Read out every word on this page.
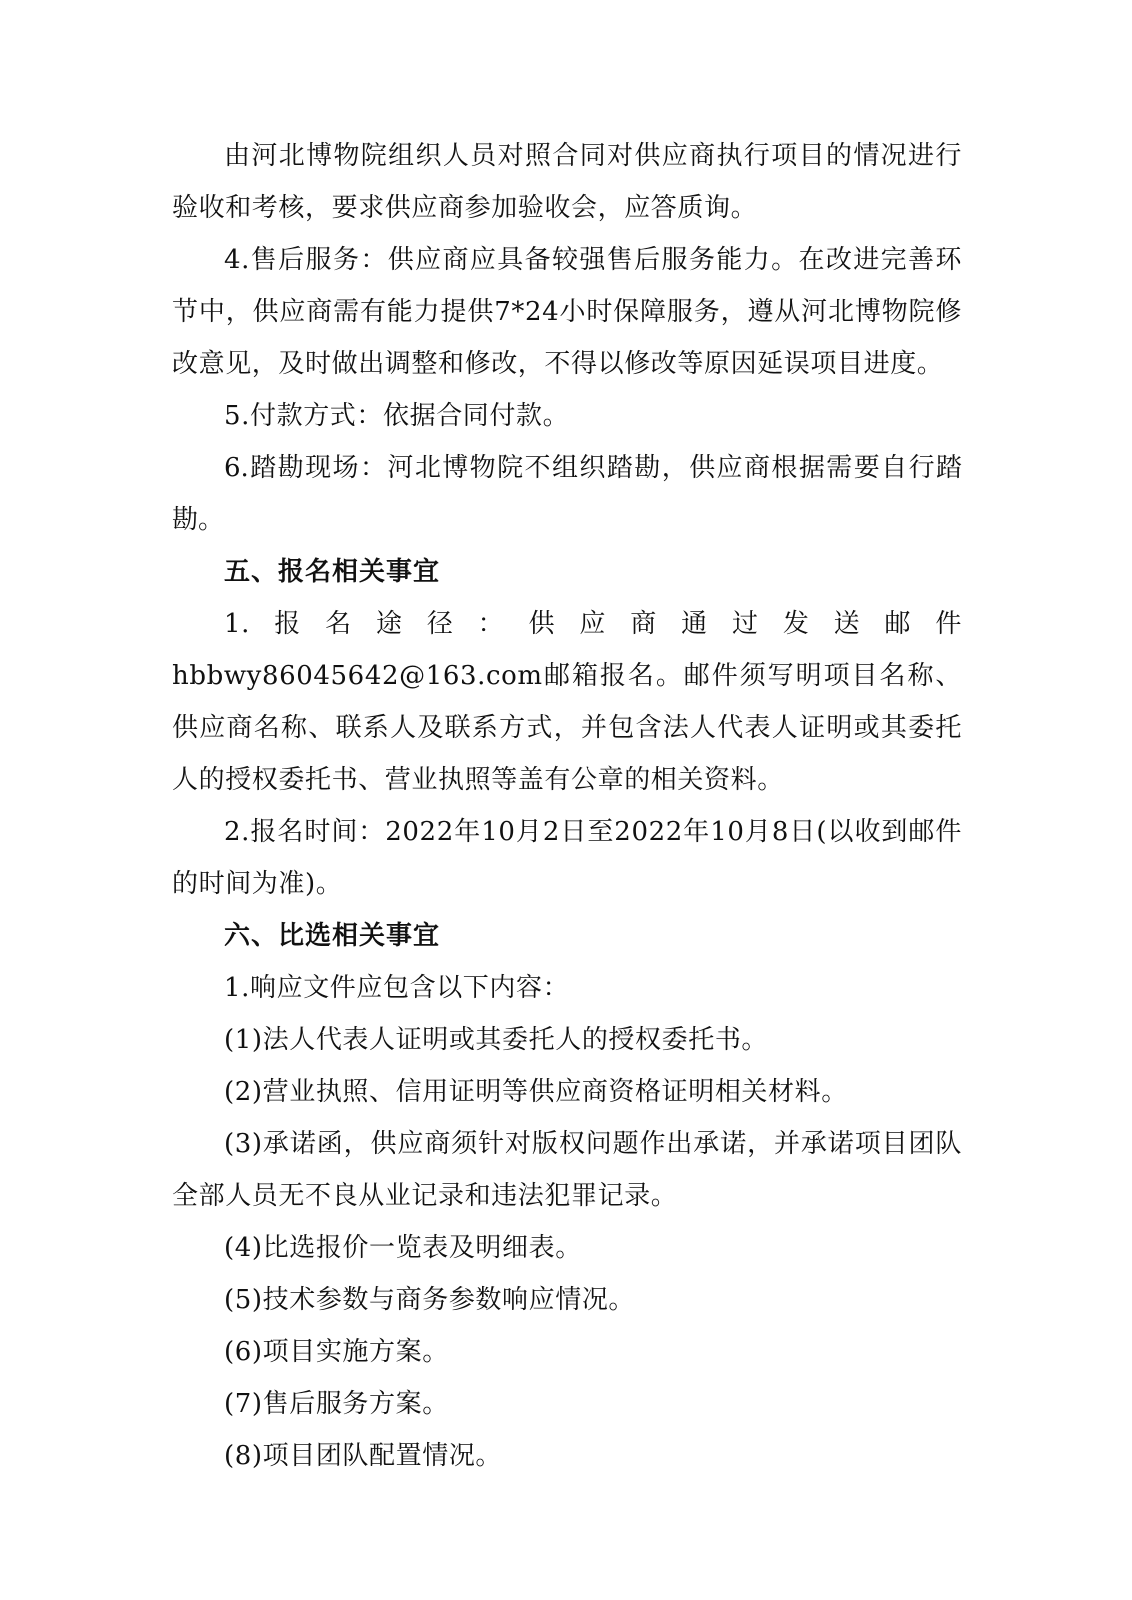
由河北博物院组织人员对照合同对供应商执行项目的情况进行验收和考核，要求供应商参加验收会，应答质询。

4.售后服务：供应商应具备较强售后服务能力。在改进完善环节中，供应商需有能力提供7*24小时保障服务，遵从河北博物院修改意见，及时做出调整和修改，不得以修改等原因延误项目进度。

5.付款方式：依据合同付款。

6.踏勘现场：河北博物院不组织踏勘，供应商根据需要自行踏勘。

五、报名相关事宜

1.报名途径：供应商通过发送邮件hbbwy86045642@163.com邮箱报名。邮件须写明项目名称、供应商名称、联系人及联系方式，并包含法人代表人证明或其委托人的授权委托书、营业执照等盖有公章的相关资料。

2.报名时间：2022年10月2日至2022年10月8日(以收到邮件的时间为准)。

六、比选相关事宜

1.响应文件应包含以下内容：

(1)法人代表人证明或其委托人的授权委托书。

(2)营业执照、信用证明等供应商资格证明相关材料。

(3)承诺函，供应商须针对版权问题作出承诺，并承诺项目团队全部人员无不良从业记录和违法犯罪记录。

(4)比选报价一览表及明细表。

(5)技术参数与商务参数响应情况。

(6)项目实施方案。

(7)售后服务方案。

(8)项目团队配置情况。
